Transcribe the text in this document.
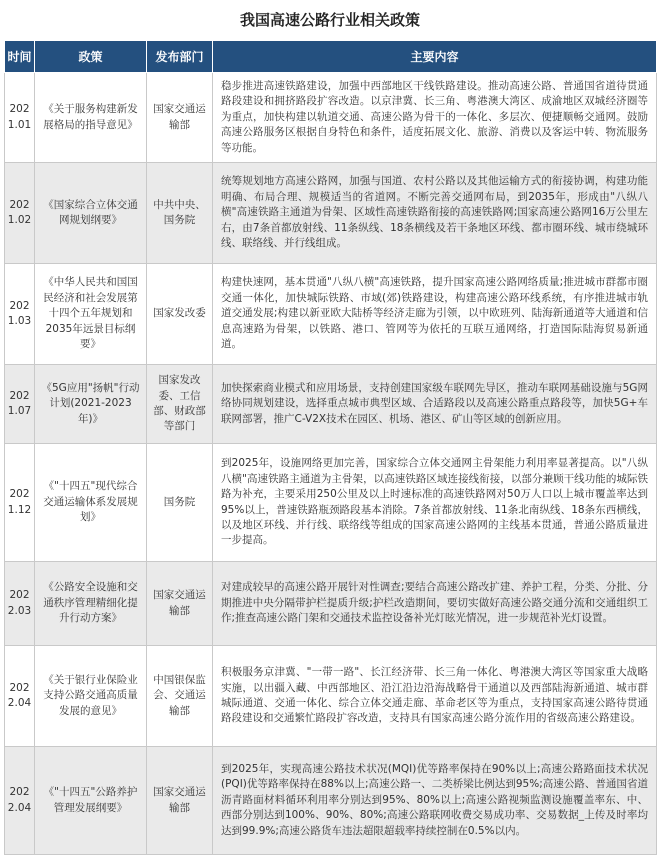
我国高速公路行业相关政策
时间	政策	发布部门	主要内容
2021.01	《关于服务构建新发展格局的指导意见》	国家交通运输部	稳步推进高速铁路建设，加强中西部地区干线铁路建设。推动高速公路、普通国省道待贯通路段建设和拥挤路段扩容改造。以京津冀、长三角、粤港澳大湾区、成渝地区双城经济圈等为重点，加快构建以轨道交通、高速公路为骨干的一体化、多层次、便捷顺畅交通网。鼓励高速公路服务区根据自身特色和条件，适度拓展文化、旅游、消费以及客运中转、物流服务等功能。
2021.02	《国家综合立体交通网规划纲要》	中共中央、国务院	统筹规划地方高速公路网，加强与国道、农村公路以及其他运输方式的衔接协调，构建功能明确、布局合理、规模适当的省道网。不断完善交通网布局，到2035年，形成由"八纵八横"高速铁路主通道为骨架、区域性高速铁路衔接的高速铁路网;国家高速公路网16万公里左右，由7条首都放射线、11条纵线、18条横线及若干条地区环线、都市圈环线、城市绕城环线、联络线、并行线组成。
2021.03	《中华人民共和国国民经济和社会发展第十四个五年规划和2035年远景目标纲要》	国家发改委	构建快速网，基本贯通"八纵八横"高速铁路，提升国家高速公路网络质量;推进城市群都市圈交通一体化，加快城际铁路、市域(郊)铁路建设，构建高速公路环线系统，有序推进城市轨道交通发展;构建以新亚欧大陆桥等经济走廊为引领，以中欧班列、陆海新通道等大通道和信息高速路为骨架，以铁路、港口、管网等为依托的互联互通网络，打造国际陆海贸易新通道。
2021.07	《5G应用"扬帆"行动计划(2021-2023年)》	国家发改委、工信部、财政部等部门	加快探索商业模式和应用场景，支持创建国家级车联网先导区，推动车联网基础设施与5G网络协同规划建设，选择重点城市典型区域、合适路段以及高速公路重点路段等，加快5G+车联网部署，推广C-V2X技术在园区、机场、港区、矿山等区域的创新应用。
2021.12	《"十四五"现代综合交通运输体系发展规划》	国务院	到2025年，设施网络更加完善，国家综合立体交通网主骨架能力利用率显著提高。以"八纵八横"高速铁路主通道为主骨架，以高速铁路区域连接线衔接，以部分兼顾干线功能的城际铁路为补充，主要采用250公里及以上时速标准的高速铁路网对50万人口以上城市覆盖率达到95%以上，普速铁路瓶颈路段基本消除。7条首都放射线、11条北南纵线、18条东西横线，以及地区环线、并行线、联络线等组成的国家高速公路网的主线基本贯通，普通公路质量进一步提高。
2022.03	《公路安全设施和交通秩序管理精细化提升行动方案》	国家交通运输部	对建成较早的高速公路开展针对性调查;要结合高速公路改扩建、养护工程，分类、分批、分期推进中央分隔带护栏提质升级;护栏改造期间，要切实做好高速公路交通分流和交通组织工作;推查高速公路门架和交通技术监控设备补光灯眩光情况，进一步规范补光灯设置。
2022.04	《关于银行业保险业支持公路交通高质量发展的意见》	中国银保监会、交通运输部	积极服务京津冀、"一带一路"、长江经济带、长三角一体化、粤港澳大湾区等国家重大战略实施，以出疆入藏、中西部地区、沿江沿边沿海战略骨干通道以及西部陆海新通道、城市群城际通道、交通一体化、综合立体交通走廊、革命老区等为重点，支持国家高速公路待贯通路段建设和交通繁忙路段扩容改造，支持具有国家高速公路分流作用的省级高速公路建设。
2022.04	《"十四五"公路养护管理发展纲要》	国家交通运输部	到2025年，实现高速公路技术状况(MQI)优等路率保持在90%以上;高速公路路面技术状况(PQI)优等路率保持在88%以上;高速公路一、二类桥梁比例达到95%;高速公路、普通国省道沥青路面材料循环利用率分别达到95%、80%以上;高速公路视频监测设施覆盖率东、中、西部分别达到100%、90%、80%;高速公路联网收费交易成功率、交易数据_上传及时率均达到99.9%;高速公路货车违法超限超载率持续控制在0.5%以内。
